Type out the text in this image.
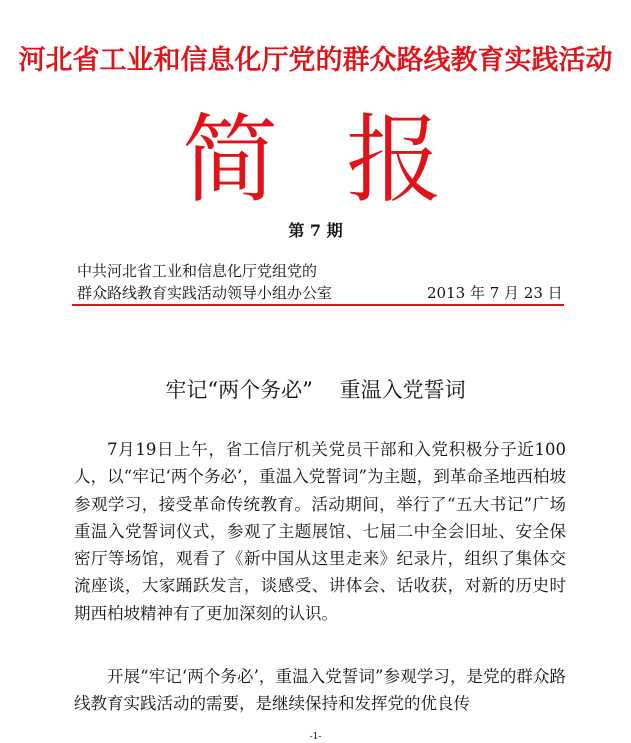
河北省工业和信息化厅党的群众路线教育实践活动
简 报
第 7 期
中共河北省工业和信息化厅党组党的
群众路线教育实践活动领导小组办公室	2013 年 7 月 23 日
牢记“两个务必”    重温入党誓词

7月19日上午，省工信厅机关党员干部和入党积极分子近100人，以“牢记‘两个务必’，重温入党誓词”为主题，到革命圣地西柏坡参观学习，接受革命传统教育。活动期间，举行了“五大书记”广场重温入党誓词仪式，参观了主题展馆、七届二中全会旧址、安全保密厅等场馆，观看了《新中国从这里走来》纪录片，组织了集体交流座谈，大家踊跃发言，谈感受、讲体会、话收获，对新的历史时期西柏坡精神有了更加深刻的认识。

开展“牢记‘两个务必’，重温入党誓词”参观学习，是党的群众路线教育实践活动的需要，是继续保持和发挥党的优良传

-1-
